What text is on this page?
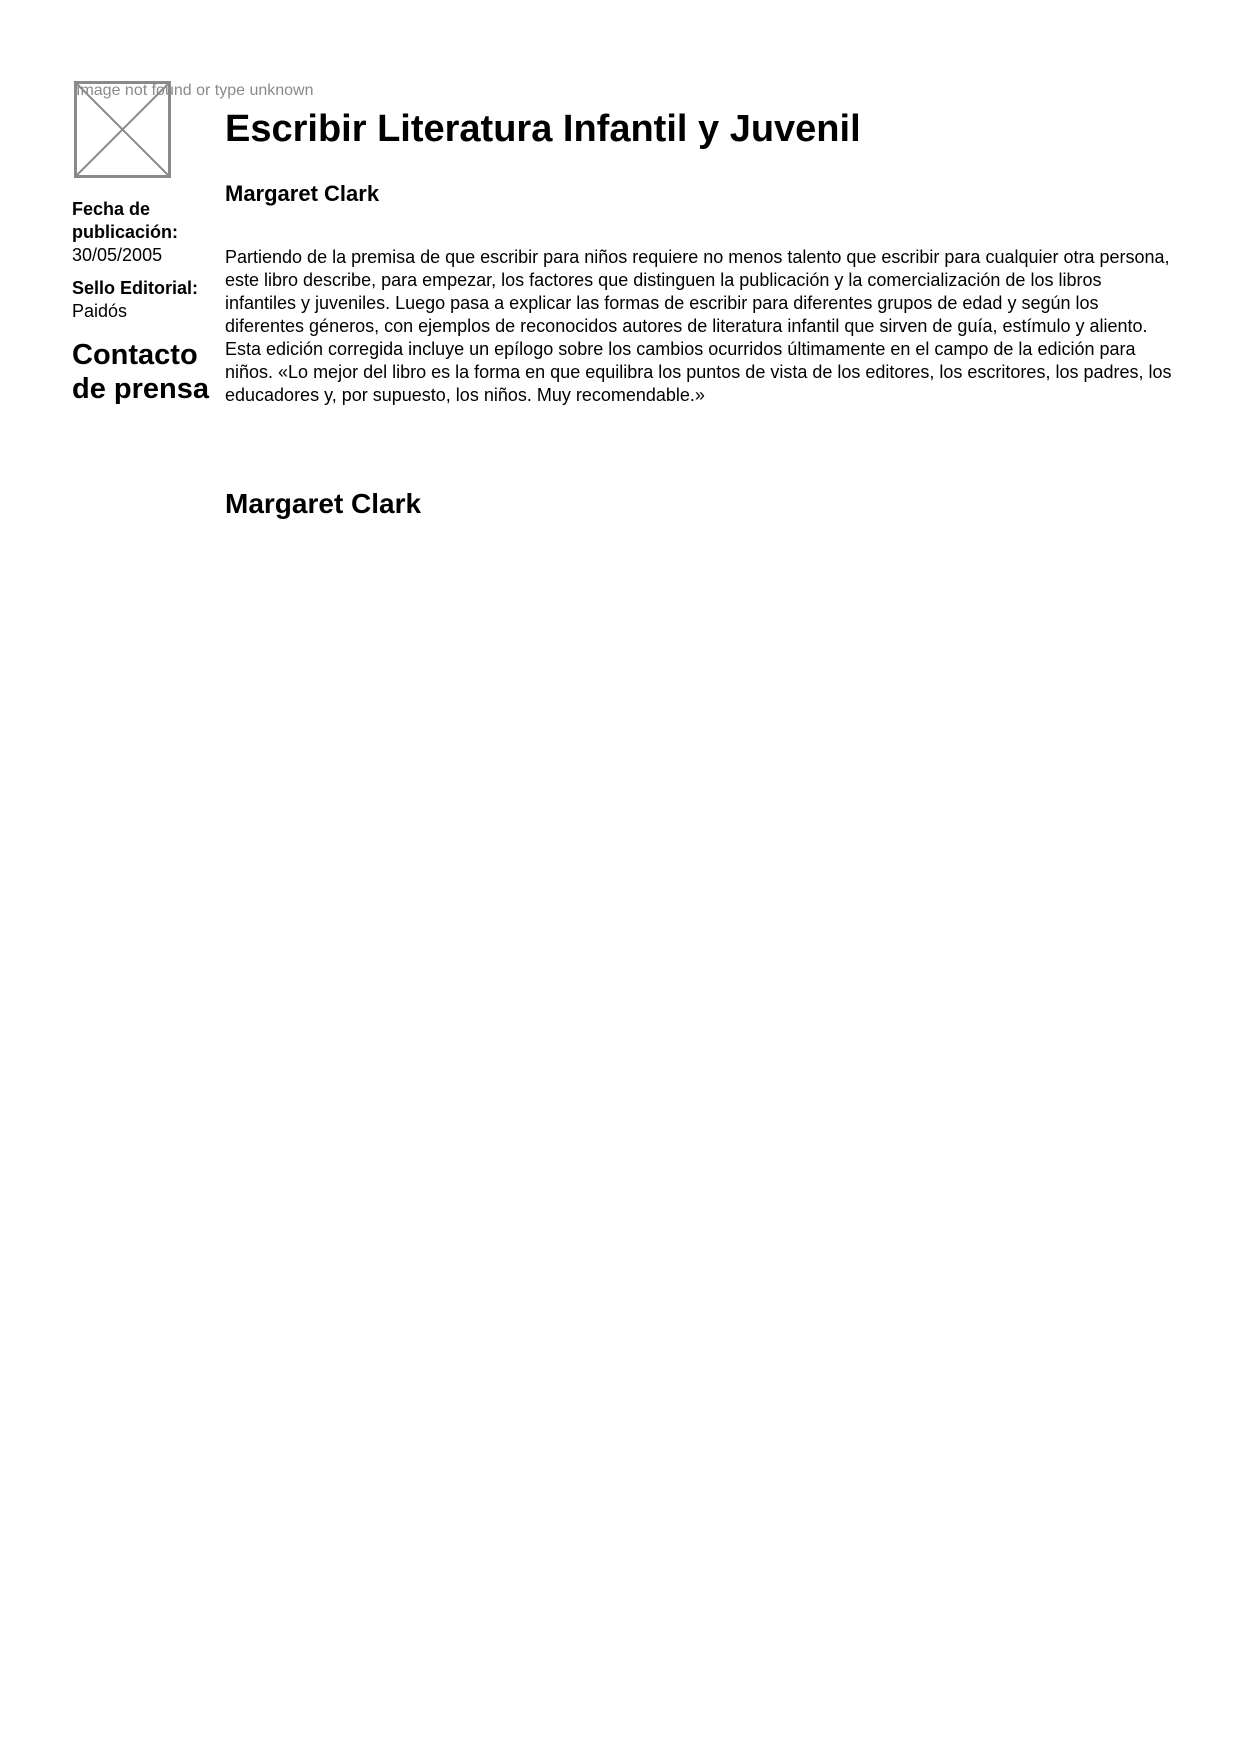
Image not found or type unknown
Fecha de publicación:
30/05/2005
Sello Editorial:
Paidós
Contacto de prensa
Escribir Literatura Infantil y Juvenil
Margaret Clark

Partiendo de la premisa de que escribir para niños requiere no menos talento que escribir para cualquier otra persona, este libro describe, para empezar, los factores que distinguen la publicación y la comercialización de los libros infantiles y juveniles. Luego pasa a explicar las formas de escribir para diferentes grupos de edad y según los diferentes géneros, con ejemplos de reconocidos autores de literatura infantil que sirven de guía, estímulo y aliento. Esta edición corregida incluye un epílogo sobre los cambios ocurridos últimamente en el campo de la edición para niños. «Lo mejor del libro es la forma en que equilibra los puntos de vista de los editores, los escritores, los padres, los educadores y, por supuesto, los niños. Muy recomendable.»

Margaret Clark
